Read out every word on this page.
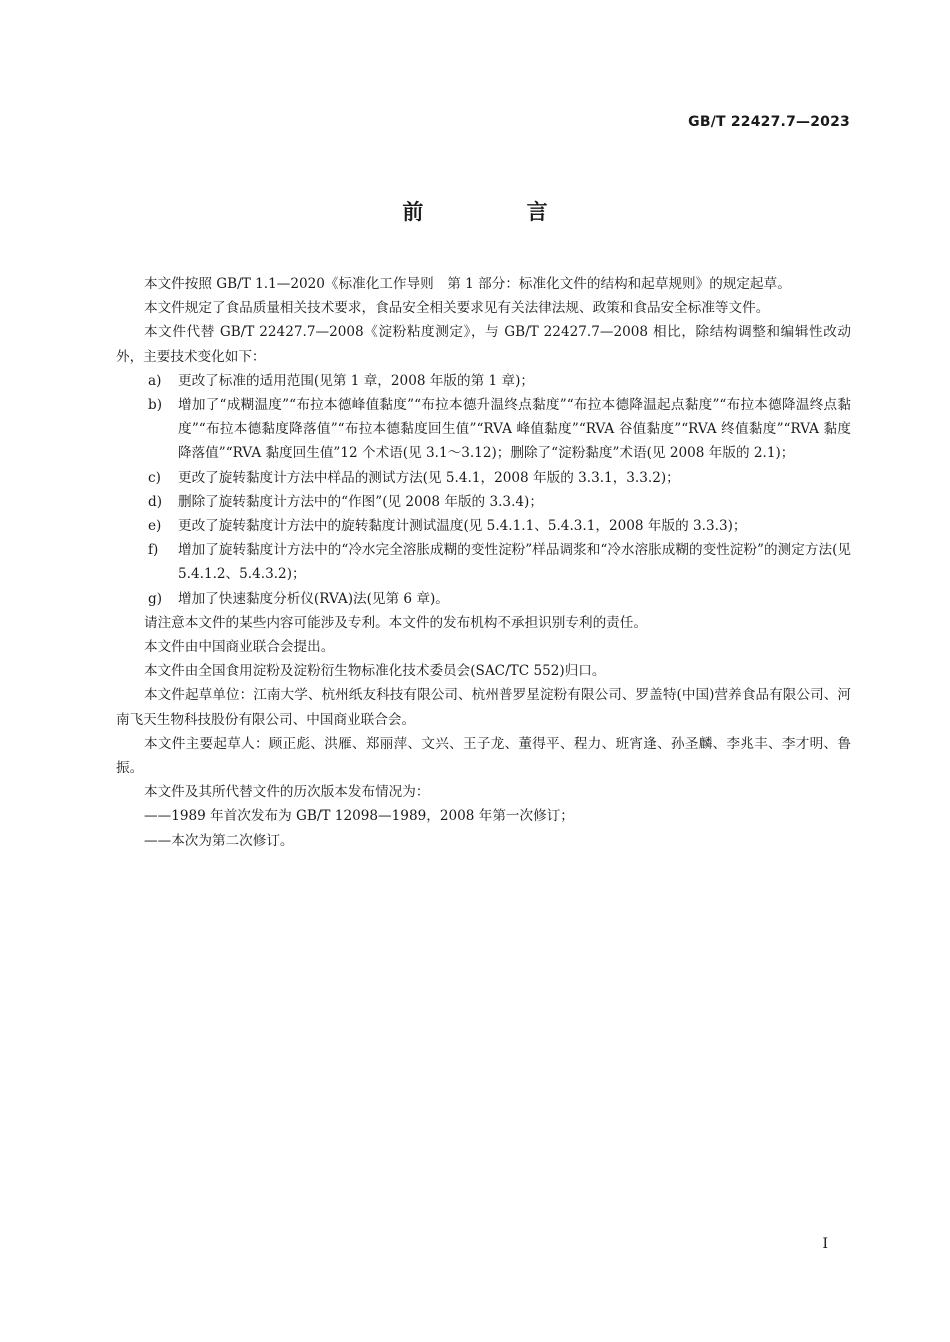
GB/T 22427.7—2023
前 言

本文件按照 GB/T 1.1—2020《标准化工作导则　第 1 部分：标准化文件的结构和起草规则》的规定起草。

本文件规定了食品质量相关技术要求，食品安全相关要求见有关法律法规、政策和食品安全标准等文件。

本文件代替 GB/T 22427.7—2008《淀粉粘度测定》，与 GB/T 22427.7—2008 相比，除结构调整和编辑性改动外，主要技术变化如下：

a) 更改了标准的适用范围(见第 1 章，2008 年版的第 1 章)；
b) 增加了“成糊温度”“布拉本德峰值黏度”“布拉本德升温终点黏度”“布拉本德降温起点黏度”“布拉本德降温终点黏度”“布拉本德黏度降落值”“布拉本德黏度回生值”“RVA 峰值黏度”“RVA 谷值黏度”“RVA 终值黏度”“RVA 黏度降落值”“RVA 黏度回生值”12 个术语(见 3.1～3.12)；删除了“淀粉黏度”术语(见 2008 年版的 2.1)；
c) 更改了旋转黏度计方法中样品的测试方法(见 5.4.1，2008 年版的 3.3.1，3.3.2)；
d) 删除了旋转黏度计方法中的“作图”(见 2008 年版的 3.3.4)；
e) 更改了旋转黏度计方法中的旋转黏度计测试温度(见 5.4.1.1、5.4.3.1，2008 年版的 3.3.3)；
f) 增加了旋转黏度计方法中的“冷水完全溶胀成糊的变性淀粉”样品调浆和“冷水溶胀成糊的变性淀粉”的测定方法(见 5.4.1.2、5.4.3.2)；
g) 增加了快速黏度分析仪(RVA)法(见第 6 章)。

请注意本文件的某些内容可能涉及专利。本文件的发布机构不承担识别专利的责任。

本文件由中国商业联合会提出。

本文件由全国食用淀粉及淀粉衍生物标准化技术委员会(SAC/TC 552)归口。

本文件起草单位：江南大学、杭州纸友科技有限公司、杭州普罗星淀粉有限公司、罗盖特(中国)营养食品有限公司、河南飞天生物科技股份有限公司、中国商业联合会。

本文件主要起草人：顾正彪、洪雁、郑丽萍、文兴、王子龙、董得平、程力、班宵逢、孙圣麟、李兆丰、李才明、鲁振。

本文件及其所代替文件的历次版本发布情况为：

——1989 年首次发布为 GB/T 12098—1989，2008 年第一次修订；

——本次为第二次修订。

I
